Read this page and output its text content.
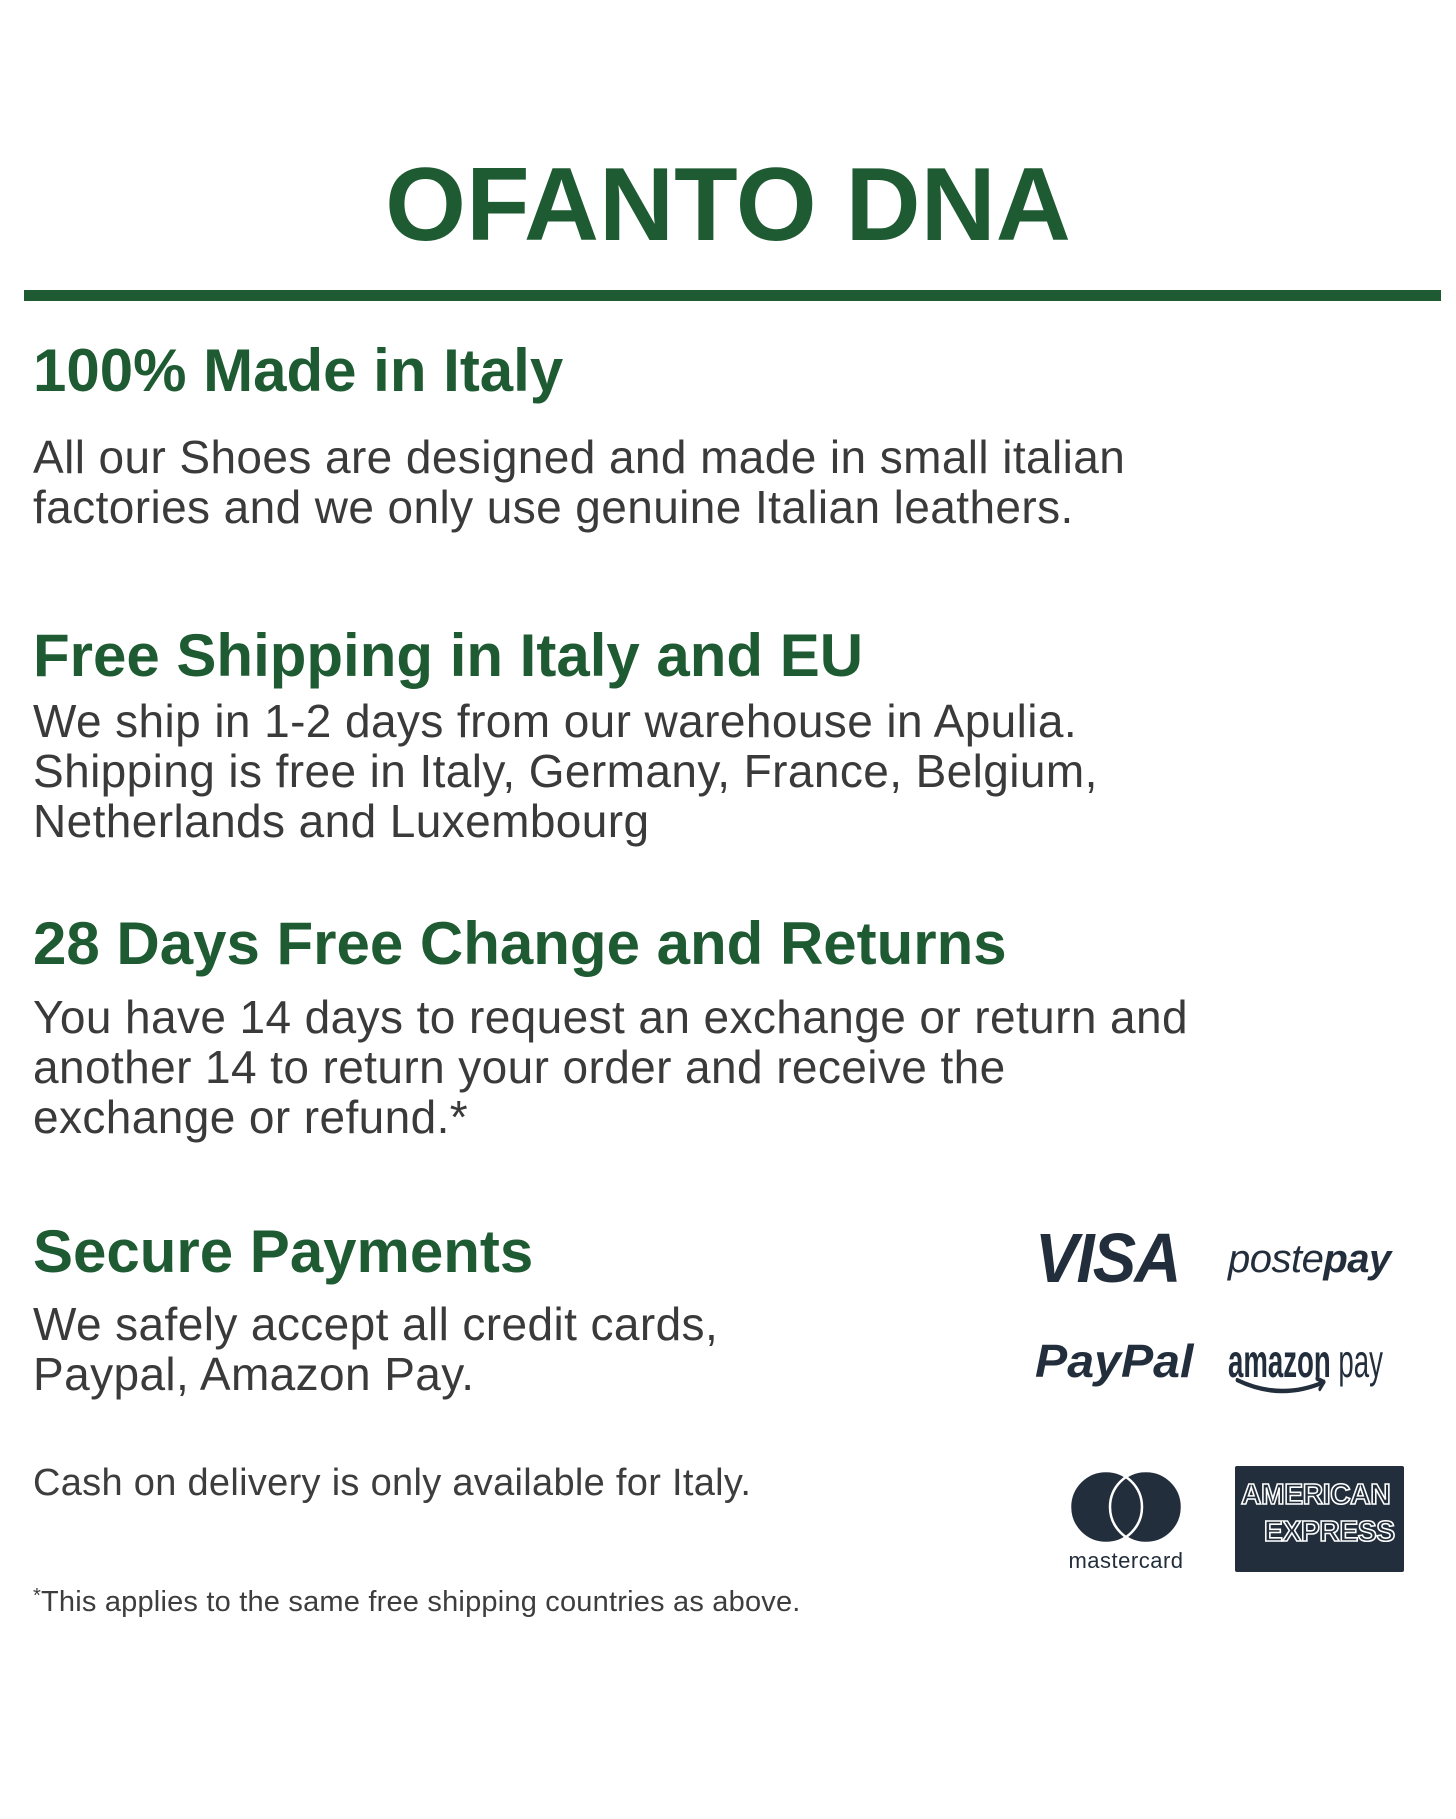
OFANTO DNA
100% Made in Italy
All our Shoes are designed and made in small italian
factories and we only use genuine Italian leathers.
Free Shipping in Italy and EU
We ship in 1-2 days from our warehouse in Apulia.
Shipping is free in Italy, Germany, France, Belgium,
Netherlands and Luxembourg
28 Days Free Change and Returns
You have 14 days to request an exchange or return and
another 14 to return your order and receive the
exchange or refund.*
Secure Payments
We safely accept all credit cards,
Paypal, Amazon Pay.
Cash on delivery is only available for Italy.
*This applies to the same free shipping countries as above.
VISA postepay
PayPal amazon pay
mastercard
AMERICAN
EXPRESS
